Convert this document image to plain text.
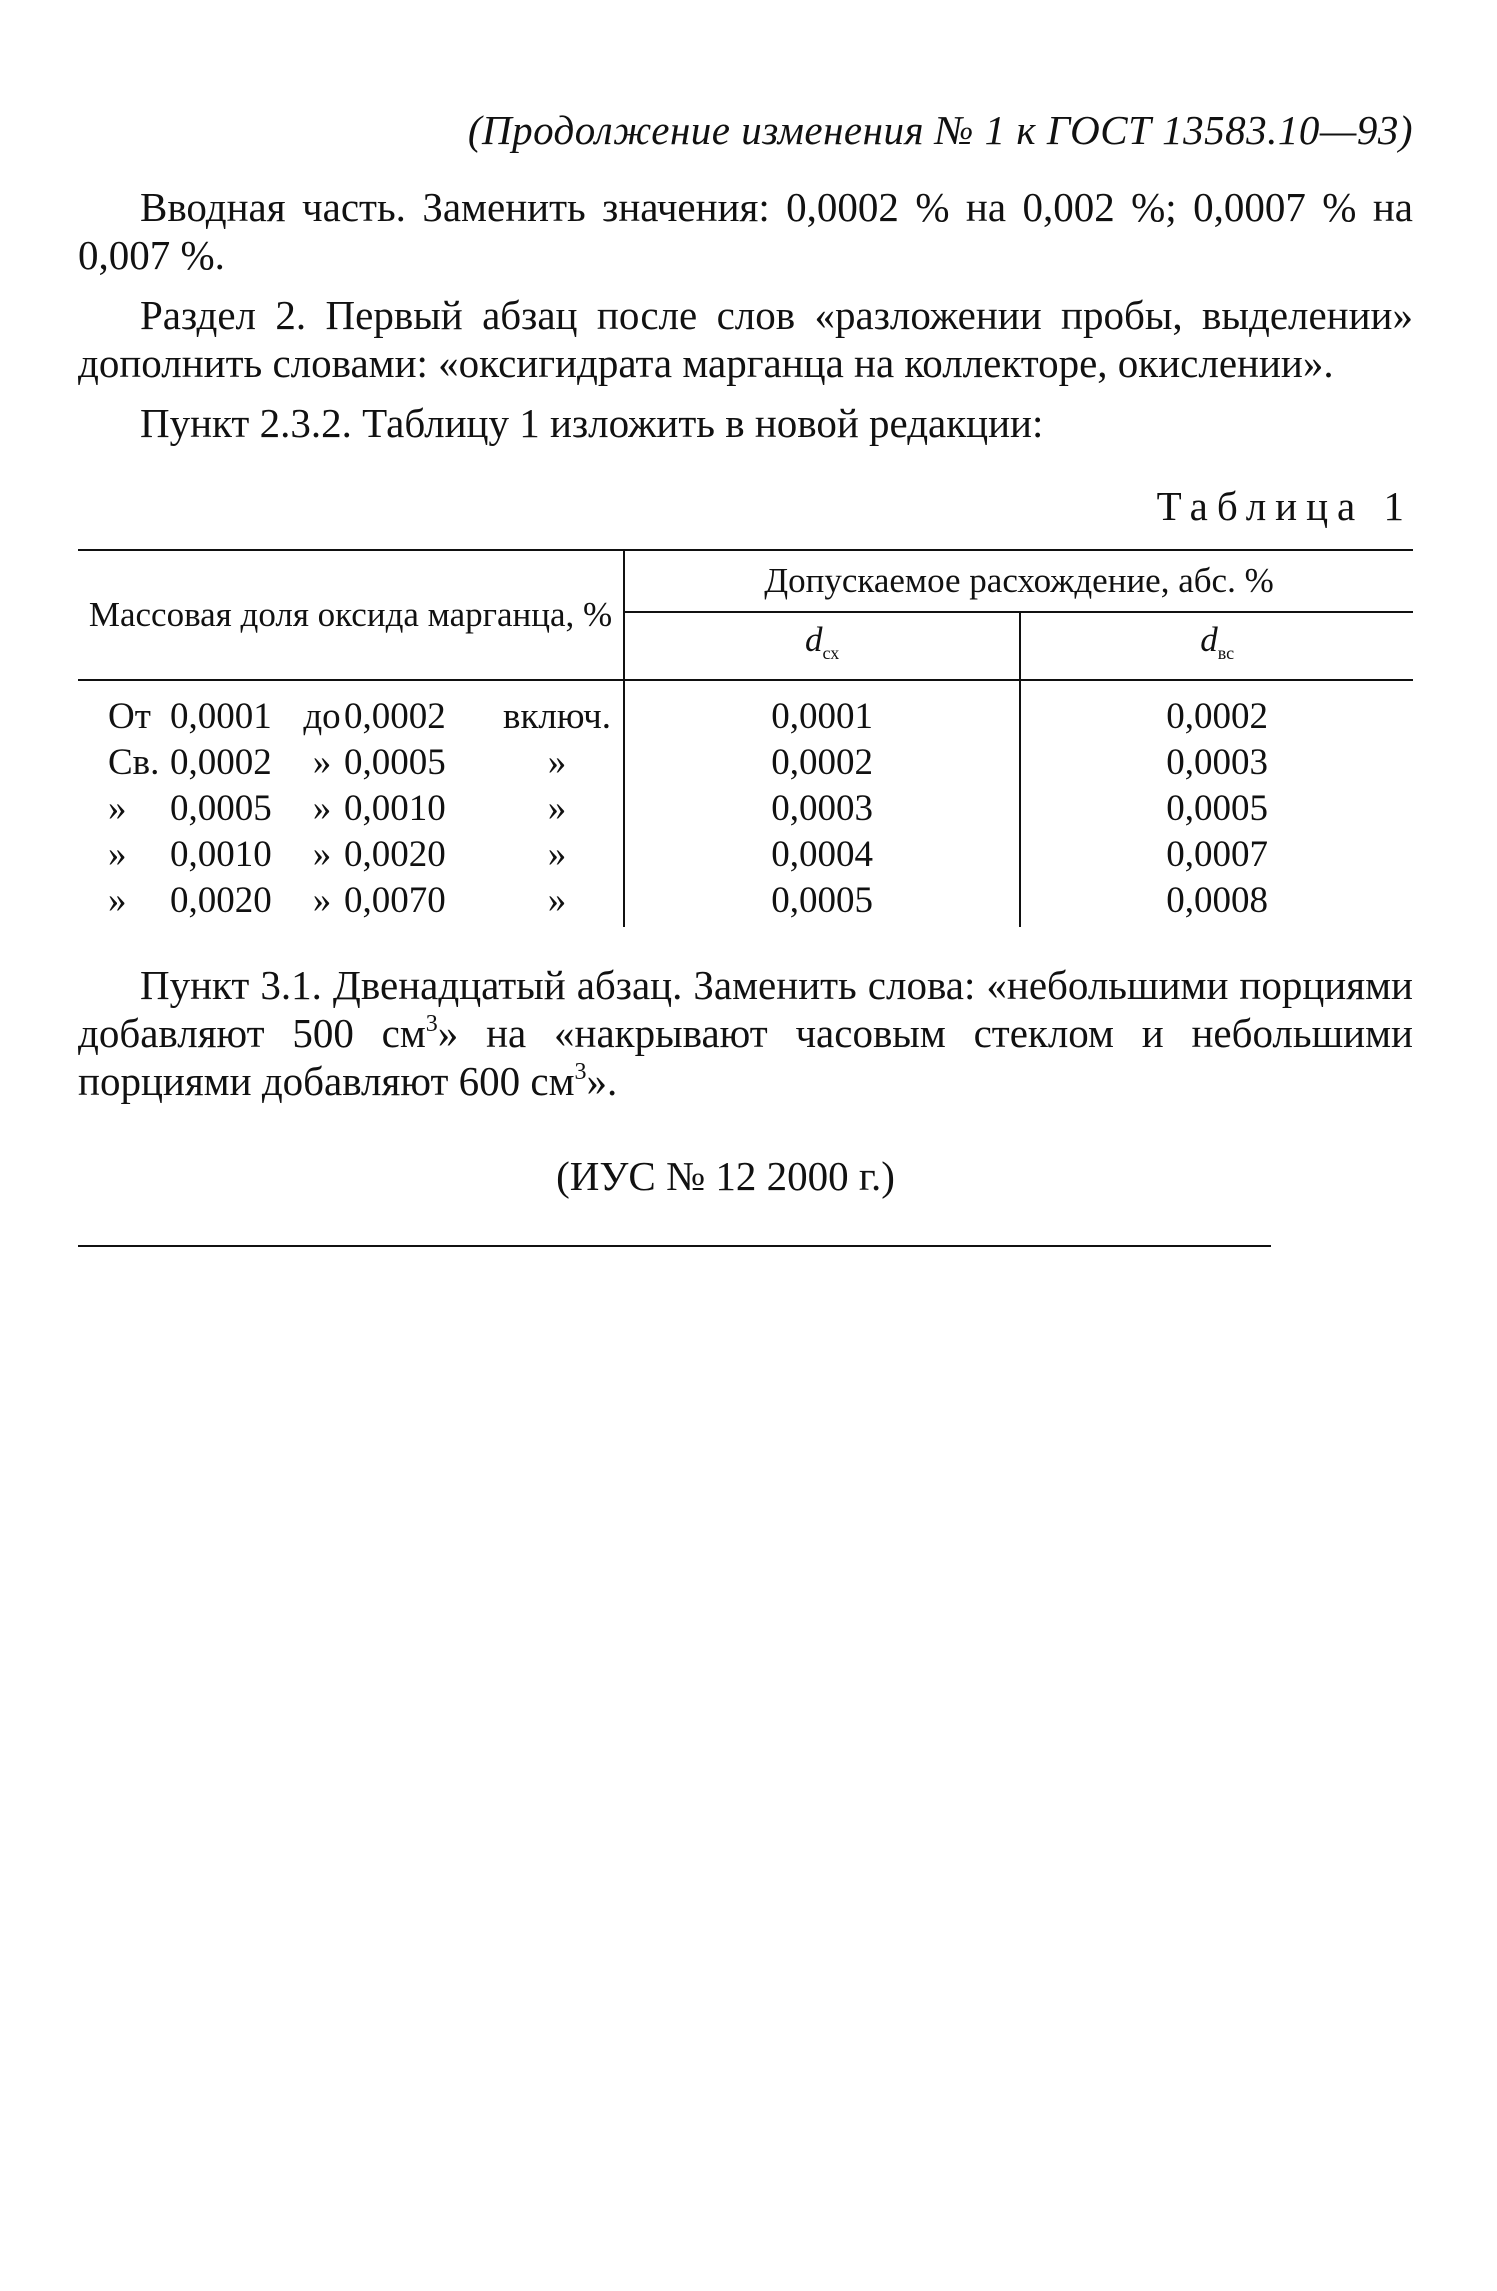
(Продолжение изменения № 1 к ГОСТ 13583.10—93)

Вводная часть. Заменить значения: 0,0002 % на 0,002 %; 0,0007 % на 0,007 %.

Раздел 2. Первый абзац после слов «разложении пробы, выделении» дополнить словами: «оксигидрата марганца на коллекторе, окислении».

Пункт 2.3.2. Таблицу 1 изложить в новой редакции:

Таблица 1
Массовая доля оксида марганца, %	Допускаемое расхождение, абс. %	
	$d_{сх}$	$d_{вс}$

От 0,0001 до 0,0002 включ.	0,0001	0,0002

Св. 0,0002 » 0,0005 »	0,0002	0,0003

» 0,0005 » 0,0010 »	0,0003	0,0005

» 0,0010 » 0,0020 »	0,0004	0,0007

» 0,0020 » 0,0070 »	0,0005	0,0008

Пункт 3.1. Двенадцатый абзац. Заменить слова: «небольшими порциями добавляют 500 $см^3$» на «накрывают часовым стеклом и небольшими порциями добавляют 600 $см^3$».

(ИУС № 12 2000 г.)
